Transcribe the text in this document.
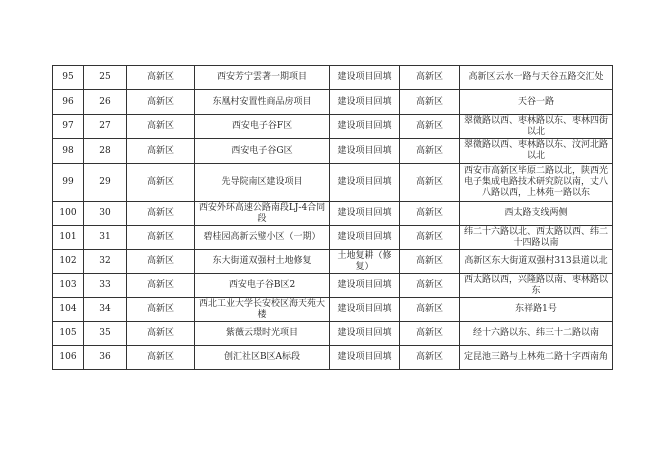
95	25	高新区	西安芳宁雲著一期项目	建设项目回填	高新区	高新区云水一路与天谷五路交汇处
96	26	高新区	东凰村安置性商品房项目	建设项目回填	高新区	天谷一路
97	27	高新区	西安电子谷F区	建设项目回填	高新区	翠微路以西、枣林路以东、枣林四街以北
98	28	高新区	西安电子谷G区	建设项目回填	高新区	翠微路以西、枣林路以东、汶河北路以北
99	29	高新区	先导院南区建设项目	建设项目回填	高新区	西安市高新区毕原二路以北，陕西光电子集成电路技术研究院以南，丈八八路以西，上林苑一路以东
100	30	高新区	西安外环高速公路南段LJ-4合同段	建设项目回填	高新区	西太路支线两侧
101	31	高新区	碧桂园高新云璧小区（一期）	建设项目回填	高新区	纬二十六路以北、西太路以西、纬二十四路以南
102	32	高新区	东大街道双强村土地修复	土地复耕（修复）	高新区	高新区东大街道双强村313县道以北
103	33	高新区	西安电子谷B区2	建设项目回填	高新区	西太路以西，兴隆路以南、枣林路以东
104	34	高新区	西北工业大学长安校区海天苑大楼	建设项目回填	高新区	东祥路1号
105	35	高新区	紫薇云璟时光项目	建设项目回填	高新区	经十六路以东、纬三十二路以南
106	36	高新区	创汇社区B区A标段	建设项目回填	高新区	定昆池三路与上林苑二路十字西南角
